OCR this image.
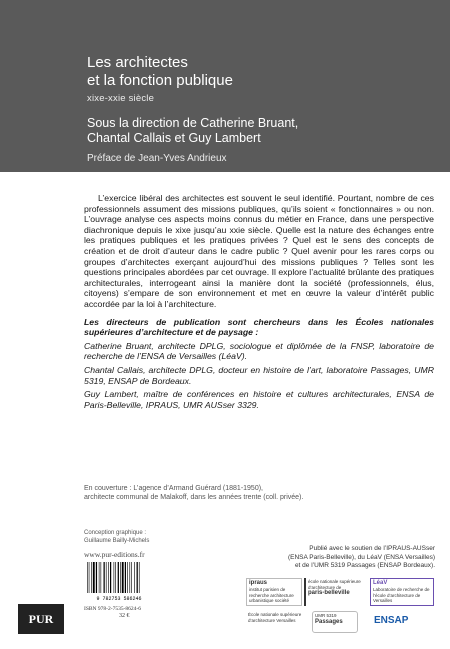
Les architectes
et la fonction publique
xixe-xxie siècle
Sous la direction de Catherine Bruant,
Chantal Callais et Guy Lambert
Préface de Jean-Yves Andrieux

L’exercice libéral des architectes est souvent le seul identifié. Pourtant, nombre de ces professionnels assument des missions publiques, qu’ils soient « fonctionnaires » ou non. L’ouvrage analyse ces aspects moins connus du métier en France, dans une perspective diachronique depuis le xixe jusqu’au xxie siècle. Quelle est la nature des échanges entre les pratiques publiques et les pratiques privées ? Quel est le sens des concepts de création et de droit d’auteur dans le cadre public ? Quel avenir pour les rares corps ou groupes d’architectes exerçant aujourd’hui des missions publiques ? Telles sont les questions principales abordées par cet ouvrage. Il explore l’actualité brûlante des pratiques architecturales, interrogeant ainsi la manière dont la société (professionnels, élus, citoyens) s’empare de son environnement et met en œuvre la valeur d’intérêt public accordée par la loi à l’architecture.

Les directeurs de publication sont chercheurs dans les Écoles nationales supérieures d’architecture et de paysage :

Catherine Bruant, architecte DPLG, sociologue et diplômée de la FNSP, laboratoire de recherche de l’ENSA de Versailles (LéaV).

Chantal Callais, architecte DPLG, docteur en histoire de l’art, laboratoire Passages, UMR 5319, ENSAP de Bordeaux.

Guy Lambert, maître de conférences en histoire et cultures architecturales, ENSA de Paris-Belleville, IPRAUS, UMR AUSser 3329.

En couverture : L’agence d’Armand Guérard (1881-1950),
architecte communal de Malakoff, dans les années trente (coll. privée).
Conception graphique :
Guillaume Bailly-Michels
www.pur-editions.fr
9 782753 586246
ISBN 978-2-7535-8624-6
32 €
Publié avec le soutien de l’IPRAUS-AUSser
(ENSA Paris-Belleville), du LéaV (ENSA Versailles)
et de l’UMR 5319 Passages (ENSAP Bordeaux).
PUR
ipraus
institut parisien de recherche architecture urbanistique société
école nationale supérieure
d’architecture de
paris-belleville
LéaV
Laboratoire de recherche de l’école d’architecture de Versailles
École nationale supérieure d’architecture Versailles
UMR 5319
Passages	ENSAP
